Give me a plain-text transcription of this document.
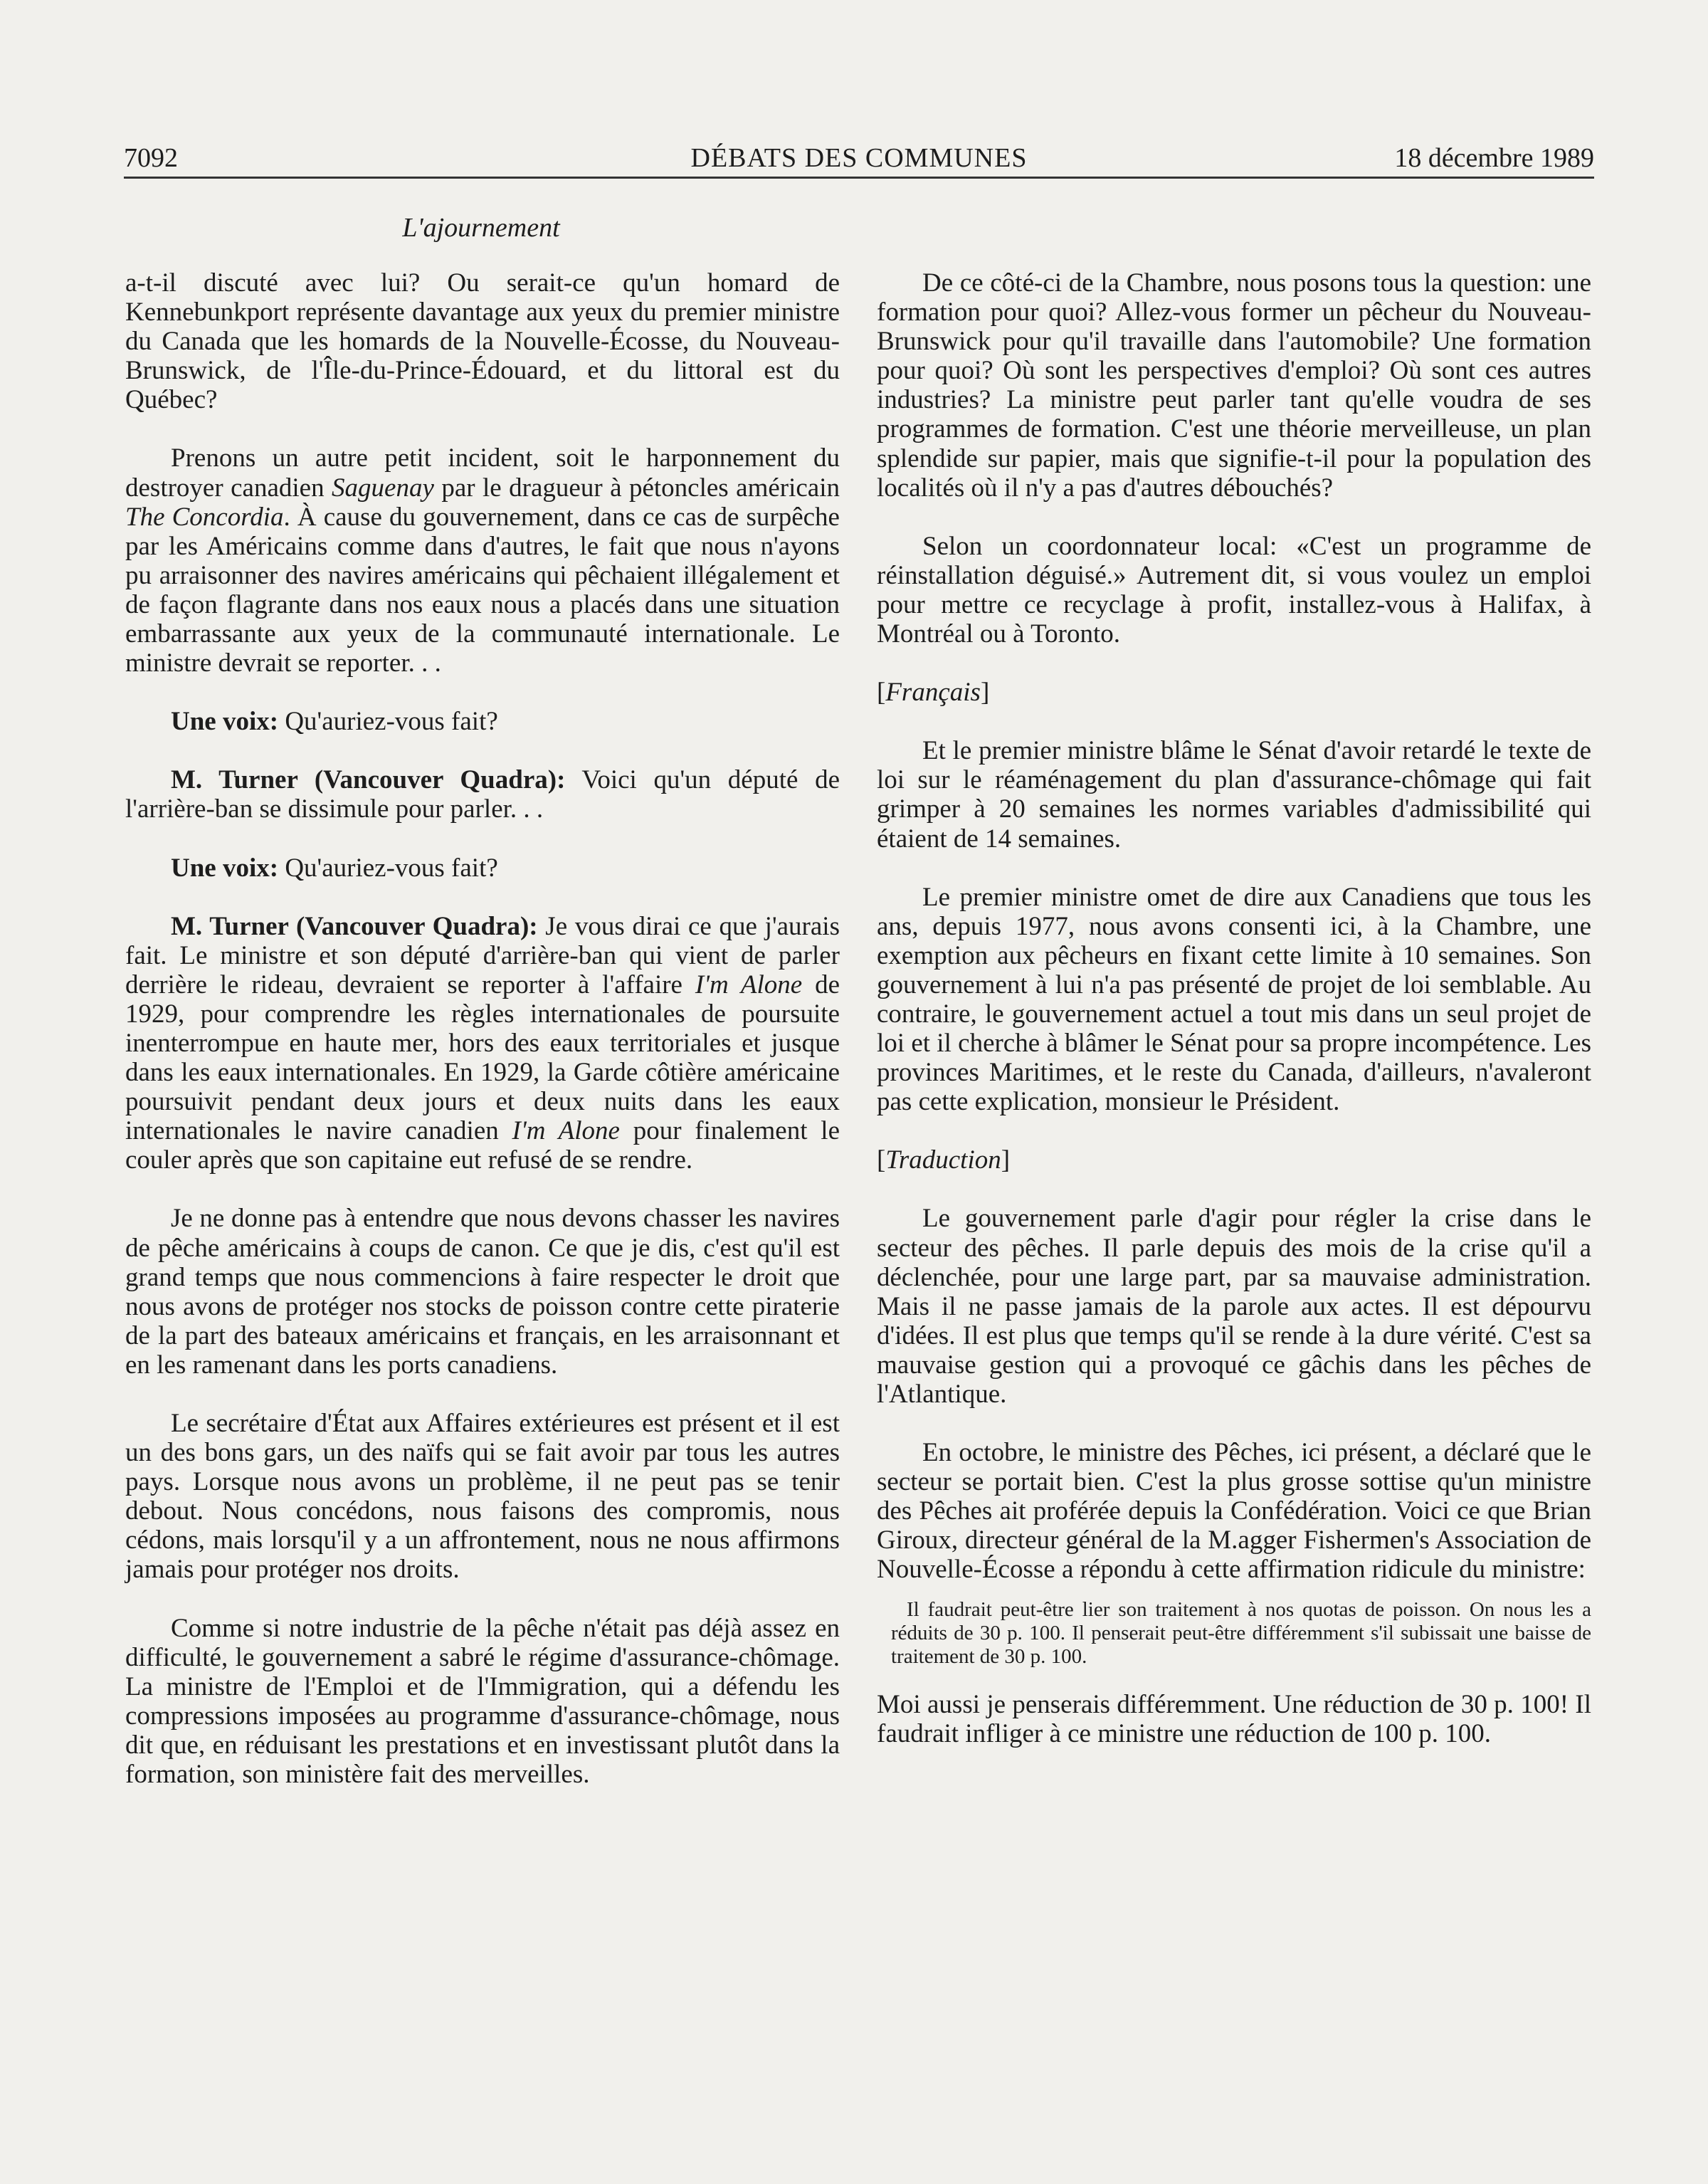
7092	DÉBATS DES COMMUNES	18 décembre 1989
L'ajournement

a-t-il discuté avec lui? Ou serait-ce qu'un homard de Kennebunkport représente davantage aux yeux du premier ministre du Canada que les homards de la Nouvelle-Écosse, du Nouveau-Brunswick, de l'Île-du-Prince-Édouard, et du littoral est du Québec?

Prenons un autre petit incident, soit le harponnement du destroyer canadien Saguenay par le dragueur à pétoncles américain The Concordia. À cause du gouvernement, dans ce cas de surpêche par les Américains comme dans d'autres, le fait que nous n'ayons pu arraisonner des navires américains qui pêchaient illégalement et de façon flagrante dans nos eaux nous a placés dans une situation embarrassante aux yeux de la communauté internationale. Le ministre devrait se reporter. . .

Une voix: Qu'auriez-vous fait?

M. Turner (Vancouver Quadra): Voici qu'un député de l'arrière-ban se dissimule pour parler. . .

Une voix: Qu'auriez-vous fait?

M. Turner (Vancouver Quadra): Je vous dirai ce que j'aurais fait. Le ministre et son député d'arrière-ban qui vient de parler derrière le rideau, devraient se reporter à l'affaire I'm Alone de 1929, pour comprendre les règles internationales de poursuite inenterrompue en haute mer, hors des eaux territoriales et jusque dans les eaux internationales. En 1929, la Garde côtière américaine poursuivit pendant deux jours et deux nuits dans les eaux internationales le navire canadien I'm Alone pour finalement le couler après que son capitaine eut refusé de se rendre.

Je ne donne pas à entendre que nous devons chasser les navires de pêche américains à coups de canon. Ce que je dis, c'est qu'il est grand temps que nous commencions à faire respecter le droit que nous avons de protéger nos stocks de poisson contre cette piraterie de la part des bateaux américains et français, en les arraisonnant et en les ramenant dans les ports canadiens.

Le secrétaire d'État aux Affaires extérieures est présent et il est un des bons gars, un des naïfs qui se fait avoir par tous les autres pays. Lorsque nous avons un problème, il ne peut pas se tenir debout. Nous concédons, nous faisons des compromis, nous cédons, mais lorsqu'il y a un affrontement, nous ne nous affirmons jamais pour protéger nos droits.

Comme si notre industrie de la pêche n'était pas déjà assez en difficulté, le gouvernement a sabré le régime d'assurance-chômage. La ministre de l'Emploi et de l'Immigration, qui a défendu les compressions imposées au programme d'assurance-chômage, nous dit que, en réduisant les prestations et en investissant plutôt dans la formation, son ministère fait des merveilles.

De ce côté-ci de la Chambre, nous posons tous la question: une formation pour quoi? Allez-vous former un pêcheur du Nouveau-Brunswick pour qu'il travaille dans l'automobile? Une formation pour quoi? Où sont les perspectives d'emploi? Où sont ces autres industries? La ministre peut parler tant qu'elle voudra de ses programmes de formation. C'est une théorie merveilleuse, un plan splendide sur papier, mais que signifie-t-il pour la population des localités où il n'y a pas d'autres débouchés?

Selon un coordonnateur local: «C'est un programme de réinstallation déguisé.» Autrement dit, si vous voulez un emploi pour mettre ce recyclage à profit, installez-vous à Halifax, à Montréal ou à Toronto.

[Français]

Et le premier ministre blâme le Sénat d'avoir retardé le texte de loi sur le réaménagement du plan d'assurance-chômage qui fait grimper à 20 semaines les normes variables d'admissibilité qui étaient de 14 semaines.

Le premier ministre omet de dire aux Canadiens que tous les ans, depuis 1977, nous avons consenti ici, à la Chambre, une exemption aux pêcheurs en fixant cette limite à 10 semaines. Son gouvernement à lui n'a pas présenté de projet de loi semblable. Au contraire, le gouvernement actuel a tout mis dans un seul projet de loi et il cherche à blâmer le Sénat pour sa propre incompétence. Les provinces Maritimes, et le reste du Canada, d'ailleurs, n'avaleront pas cette explication, monsieur le Président.

[Traduction]

Le gouvernement parle d'agir pour régler la crise dans le secteur des pêches. Il parle depuis des mois de la crise qu'il a déclenchée, pour une large part, par sa mauvaise administration. Mais il ne passe jamais de la parole aux actes. Il est dépourvu d'idées. Il est plus que temps qu'il se rende à la dure vérité. C'est sa mauvaise gestion qui a provoqué ce gâchis dans les pêches de l'Atlantique.

En octobre, le ministre des Pêches, ici présent, a déclaré que le secteur se portait bien. C'est la plus grosse sottise qu'un ministre des Pêches ait proférée depuis la Confédération. Voici ce que Brian Giroux, directeur général de la M.agger Fishermen's Association de Nouvelle-Écosse a répondu à cette affirmation ridicule du ministre:

Il faudrait peut-être lier son traitement à nos quotas de poisson. On nous les a réduits de 30 p. 100. Il penserait peut-être différemment s'il subissait une baisse de traitement de 30 p. 100.

Moi aussi je penserais différemment. Une réduction de 30 p. 100! Il faudrait infliger à ce ministre une réduction de 100 p. 100.
